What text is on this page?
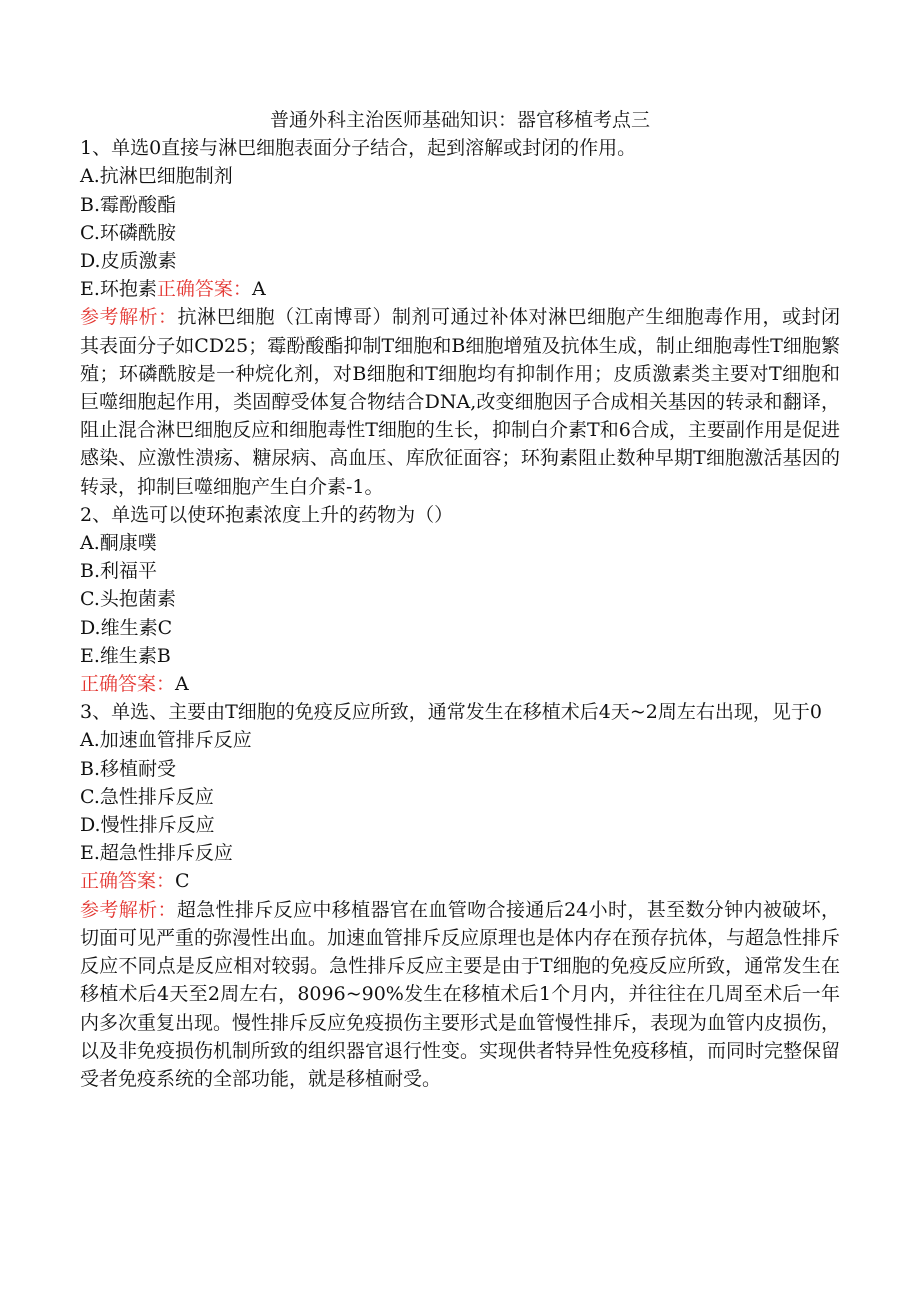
普通外科主治医师基础知识：器官移植考点三

1、单选0直接与淋巴细胞表面分子结合，起到溶解或封闭的作用。

A.抗淋巴细胞制剂

B.霉酚酸酯

C.环磷酰胺

D.皮质激素

E.环抱素正确答案：A

参考解析：抗淋巴细胞（江南博哥）制剂可通过补体对淋巴细胞产生细胞毒作用，或封闭其表面分子如CD25；霉酚酸酯抑制T细胞和B细胞增殖及抗体生成，制止细胞毒性T细胞繁殖；环磷酰胺是一种烷化剂，对B细胞和T细胞均有抑制作用；皮质激素类主要对T细胞和巨噬细胞起作用，类固醇受体复合物结合DNA,改变细胞因子合成相关基因的转录和翻译，阻止混合淋巴细胞反应和细胞毒性T细胞的生长，抑制白介素T和6合成，主要副作用是促进感染、应激性溃疡、糖尿病、高血压、库欣征面容；环狗素阻止数种早期T细胞激活基因的转录，抑制巨噬细胞产生白介素-1。

2、单选可以使环抱素浓度上升的药物为（）

A.酮康噗

B.利福平

C.头抱菌素

D.维生素C

E.维生素B

正确答案：A

3、单选、主要由T细胞的免疫反应所致，通常发生在移植术后4天~2周左右出现，见于0

A.加速血管排斥反应

B.移植耐受

C.急性排斥反应

D.慢性排斥反应

E.超急性排斥反应

正确答案：C

参考解析：超急性排斥反应中移植器官在血管吻合接通后24小时，甚至数分钟内被破坏，切面可见严重的弥漫性出血。加速血管排斥反应原理也是体内存在预存抗体，与超急性排斥反应不同点是反应相对较弱。急性排斥反应主要是由于T细胞的免疫反应所致，通常发生在移植术后4天至2周左右，8096~90%发生在移植术后1个月内，并往往在几周至术后一年内多次重复出现。慢性排斥反应免疫损伤主要形式是血管慢性排斥，表现为血管内皮损伤，以及非免疫损伤机制所致的组织器官退行性变。实现供者特异性免疫移植，而同时完整保留受者免疫系统的全部功能，就是移植耐受。
